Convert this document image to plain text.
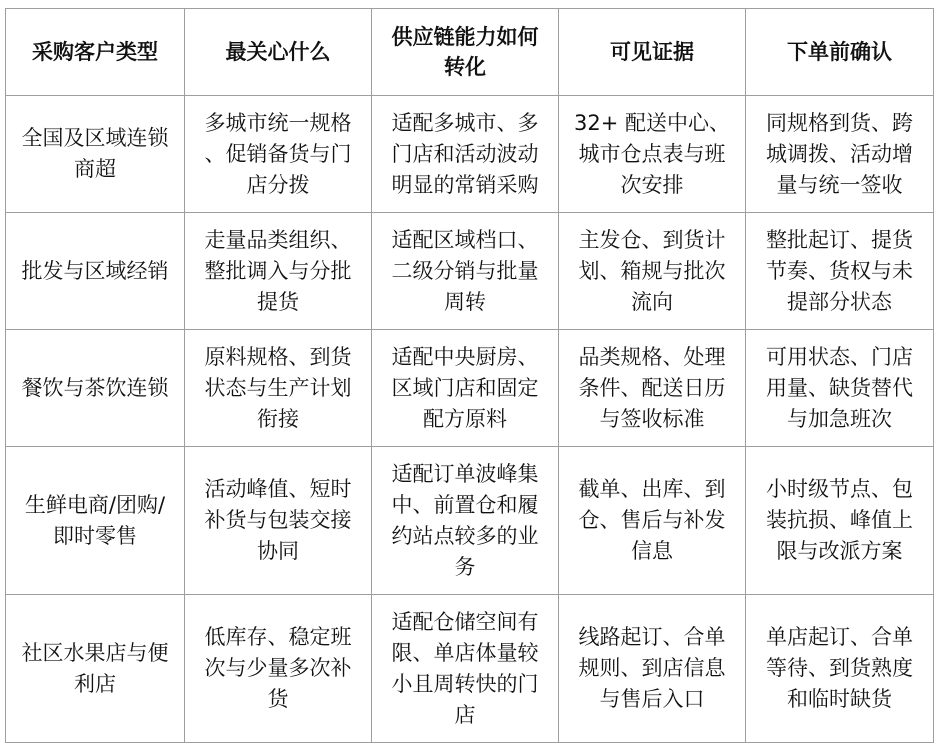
采购客户类型	最关心什么	供应链能力如何转化	可见证据	下单前确认
全国及区域连锁商超	多城市统一规格、促销备货与门店分拨	适配多城市、多门店和活动波动明显的常销采购	32+ 配送中心、城市仓点表与班次安排	同规格到货、跨城调拨、活动增量与统一签收
批发与区域经销	走量品类组织、整批调入与分批提货	适配区域档口、二级分销与批量周转	主发仓、到货计划、箱规与批次流向	整批起订、提货节奏、货权与未提部分状态
餐饮与茶饮连锁	原料规格、到货状态与生产计划衔接	适配中央厨房、区域门店和固定配方原料	品类规格、处理条件、配送日历与签收标准	可用状态、门店用量、缺货替代与加急班次
生鲜电商/团购/即时零售	活动峰值、短时补货与包装交接协同	适配订单波峰集中、前置仓和履约站点较多的业务	截单、出库、到仓、售后与补发信息	小时级节点、包装抗损、峰值上限与改派方案
社区水果店与便利店	低库存、稳定班次与少量多次补货	适配仓储空间有限、单店体量较小且周转快的门店	线路起订、合单规则、到店信息与售后入口	单店起订、合单等待、到货熟度和临时缺货
